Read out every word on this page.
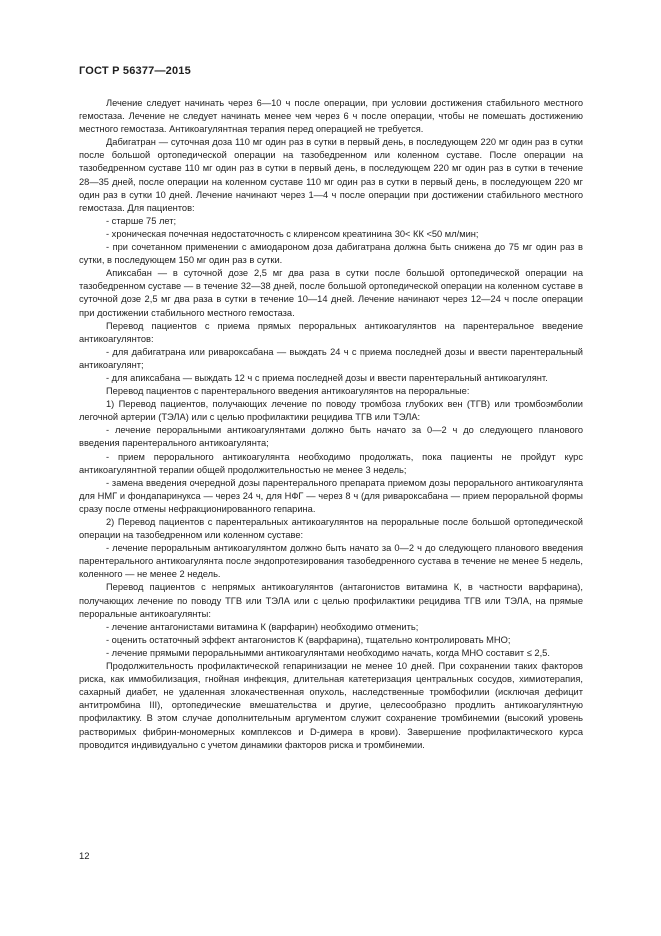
ГОСТ Р 56377—2015

Лечение следует начинать через 6—10 ч после операции, при условии достижения стабильного местного гемостаза. Лечение не следует начинать менее чем через 6 ч после операции, чтобы не помешать достижению местного гемостаза. Антикоагулянтная терапия перед операцией не требуется.

Дабигатран — суточная доза 110 мг один раз в сутки в первый день, в последующем 220 мг один раз в сутки после большой ортопедической операции на тазобедренном или коленном суставе. После операции на тазобедренном суставе 110 мг один раз в сутки в первый день, в последующем 220 мг один раз в сутки в течение 28—35 дней, после операции на коленном суставе 110 мг один раз в сутки в первый день, в последующем 220 мг один раз в сутки 10 дней. Лечение начинают через 1—4 ч после операции при достижении стабильного местного гемостаза. Для пациентов:

- старше 75 лет;

- хроническая почечная недостаточность с клиренсом креатинина 30< КК <50 мл/мин;

- при сочетанном применении с амиодароном доза дабигатрана должна быть снижена до 75 мг один раз в сутки, в последующем 150 мг один раз в сутки.

Апиксабан — в суточной дозе 2,5 мг два раза в сутки после большой ортопедической операции на тазобедренном суставе — в течение 32—38 дней, после большой ортопедической операции на коленном суставе в суточной дозе 2,5 мг два раза в сутки в течение 10—14 дней. Лечение начинают через 12—24 ч после операции при достижении стабильного местного гемостаза.

Перевод пациентов с приема прямых пероральных антикоагулянтов на парентеральное введение антикоагулянтов:

- для дабигатрана или ривароксабана — выждать 24 ч с приема последней дозы и ввести парентеральный антикоагулянт;

- для апиксабана — выждать 12 ч с приема последней дозы и ввести парентеральный антикоагулянт.

Перевод пациентов с парентерального введения антикоагулянтов на пероральные:

1) Перевод пациентов, получающих лечение по поводу тромбоза глубоких вен (ТГВ) или тромбоэмболии легочной артерии (ТЭЛА) или с целью профилактики рецидива ТГВ или ТЭЛА:

- лечение пероральными антикоагулянтами должно быть начато за 0—2 ч до следующего планового введения парентерального антикоагулянта;

- прием перорального антикоагулянта необходимо продолжать, пока пациенты не пройдут курс антикоагулянтной терапии общей продолжительностью не менее 3 недель;

- замена введения очередной дозы парентерального препарата приемом дозы перорального антикоагулянта для НМГ и фондапаринукса — через 24 ч, для НФГ — через 8 ч (для ривароксабана — прием пероральной формы сразу после отмены нефракционированного гепарина.

2) Перевод пациентов с парентеральных антикоагулянтов на пероральные после большой ортопедической операции на тазобедренном или коленном суставе:

- лечение пероральным антикоагулянтом должно быть начато за 0—2 ч до следующего планового введения парентерального антикоагулянта после эндопротезирования тазобедренного сустава в течение не менее 5 недель, коленного — не менее 2 недель.

Перевод пациентов с непрямых антикоагулянтов (антагонистов витамина К, в частности варфарина), получающих лечение по поводу ТГВ или ТЭЛА или с целью профилактики рецидива ТГВ или ТЭЛА, на прямые пероральные антикоагулянты:

- лечение антагонистами витамина К (варфарин) необходимо отменить;

- оценить остаточный эффект антагонистов К (варфарина), тщательно контролировать МНО;

- лечение прямыми пероральнымми антикоагулянтами необходимо начать, когда МНО составит ≤ 2,5.

Продолжительность профилактической гепаринизации не менее 10 дней. При сохранении таких факторов риска, как иммобилизация, гнойная инфекция, длительная катетеризация центральных сосудов, химиотерапия, сахарный диабет, не удаленная злокачественная опухоль, наследственные тромбофилии (исключая дефицит антитромбина III), ортопедические вмешательства и другие, целесообразно продлить антикоагулянтную профилактику. В этом случае дополнительным аргументом служит сохранение тромбинемии (высокий уровень растворимых фибрин-мономерных комплексов и D-димера в крови). Завершение профилактического курса проводится индивидуально с учетом динамики факторов риска и тромбинемии.

12
